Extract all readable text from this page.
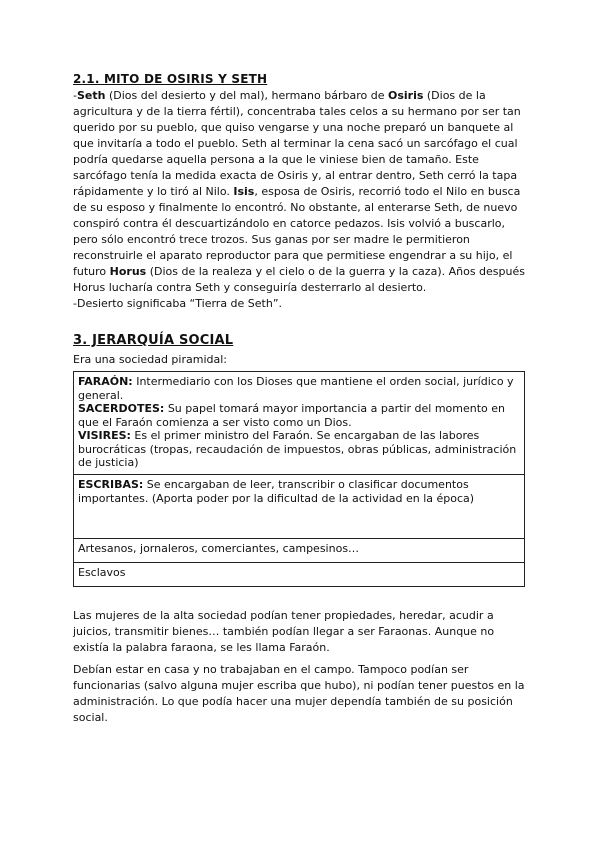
2.1. MITO DE OSIRIS Y SETH

-Seth (Dios del desierto y del mal), hermano bárbaro de Osiris (Dios de la agricultura y de la tierra fértil), concentraba tales celos a su hermano por ser tan querido por su pueblo, que quiso vengarse y una noche preparó un banquete al que invitaría a todo el pueblo. Seth al terminar la cena sacó un sarcófago el cual podría quedarse aquella persona a la que le viniese bien de tamaño. Este sarcófago tenía la medida exacta de Osiris y, al entrar dentro, Seth cerró la tapa rápidamente y lo tiró al Nilo. Isis, esposa de Osiris, recorrió todo el Nilo en busca de su esposo y finalmente lo encontró. No obstante, al enterarse Seth, de nuevo conspiró contra él descuartizándolo en catorce pedazos. Isis volvió a buscarlo, pero sólo encontró trece trozos. Sus ganas por ser madre le permitieron reconstruirle el aparato reproductor para que permitiese engendrar a su hijo, el futuro Horus (Dios de la realeza y el cielo o de la guerra y la caza). Años después Horus lucharía contra Seth y conseguiría desterrarlo al desierto.

-Desierto significaba “Tierra de Seth”.

3. JERARQUÍA SOCIAL

Era una sociedad piramidal:

FARAÓN: Intermediario con los Dioses que mantiene el orden social, jurídico y general.
SACERDOTES: Su papel tomará mayor importancia a partir del momento en que el Faraón comienza a ser visto como un Dios.
VISIRES: Es el primer ministro del Faraón. Se encargaban de las labores burocráticas (tropas, recaudación de impuestos, obras públicas, administración de justicia)
ESCRIBAS: Se encargaban de leer, transcribir o clasificar documentos importantes. (Aporta poder por la dificultad de la actividad en la época)
Artesanos, jornaleros, comerciantes, campesinos…
Esclavos

Las mujeres de la alta sociedad podían tener propiedades, heredar, acudir a juicios, transmitir bienes… también podían llegar a ser Faraonas. Aunque no existía la palabra faraona, se les llama Faraón.

Debían estar en casa y no trabajaban en el campo. Tampoco podían ser funcionarias (salvo alguna mujer escriba que hubo), ni podían tener puestos en la administración. Lo que podía hacer una mujer dependía también de su posición social.
